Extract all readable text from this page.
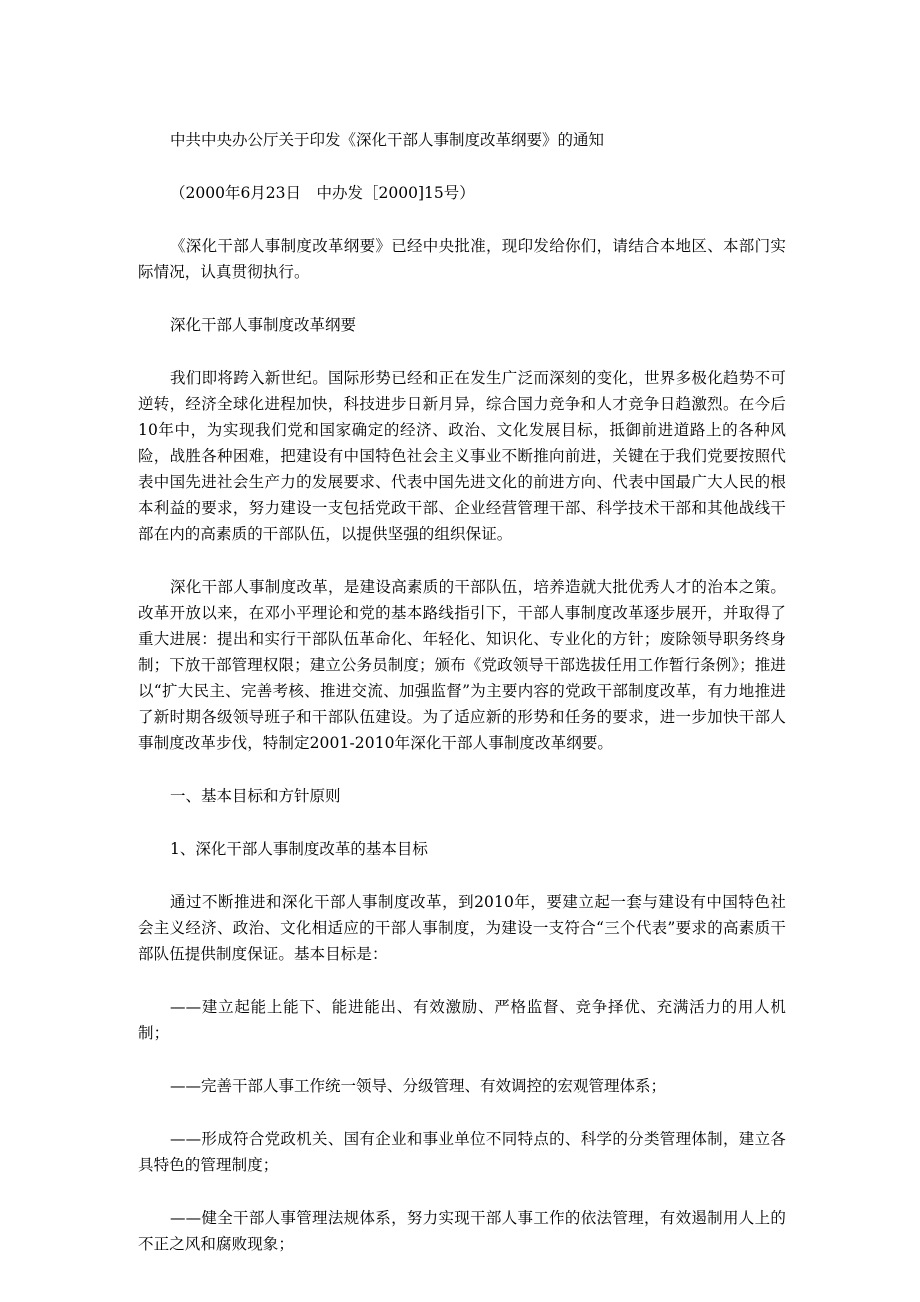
中共中央办公厅关于印发《深化干部人事制度改革纲要》的通知

（2000年6月23日　中办发［2000]15号）

《深化干部人事制度改革纲要》已经中央批准，现印发给你们，请结合本地区、本部门实际情况，认真贯彻执行。

深化干部人事制度改革纲要

我们即将跨入新世纪。国际形势已经和正在发生广泛而深刻的变化，世界多极化趋势不可逆转，经济全球化进程加快，科技进步日新月异，综合国力竞争和人才竞争日趋激烈。在今后10年中，为实现我们党和国家确定的经济、政治、文化发展目标，抵御前进道路上的各种风险，战胜各种困难，把建设有中国特色社会主义事业不断推向前进，关键在于我们党要按照代表中国先进社会生产力的发展要求、代表中国先进文化的前进方向、代表中国最广大人民的根本利益的要求，努力建设一支包括党政干部、企业经营管理干部、科学技术干部和其他战线干部在内的高素质的干部队伍，以提供坚强的组织保证。

深化干部人事制度改革，是建设高素质的干部队伍，培养造就大批优秀人才的治本之策。改革开放以来，在邓小平理论和党的基本路线指引下，干部人事制度改革逐步展开，并取得了重大进展：提出和实行干部队伍革命化、年轻化、知识化、专业化的方针；废除领导职务终身制；下放干部管理权限；建立公务员制度；颁布《党政领导干部选拔任用工作暂行条例》；推进以“扩大民主、完善考核、推进交流、加强监督”为主要内容的党政干部制度改革，有力地推进了新时期各级领导班子和干部队伍建设。为了适应新的形势和任务的要求，进一步加快干部人事制度改革步伐，特制定2001-2010年深化干部人事制度改革纲要。

一、基本目标和方针原则

1、深化干部人事制度改革的基本目标

通过不断推进和深化干部人事制度改革，到2010年，要建立起一套与建设有中国特色社会主义经济、政治、文化相适应的干部人事制度，为建设一支符合“三个代表”要求的高素质干部队伍提供制度保证。基本目标是：

——建立起能上能下、能进能出、有效激励、严格监督、竞争择优、充满活力的用人机制；

——完善干部人事工作统一领导、分级管理、有效调控的宏观管理体系；

——形成符合党政机关、国有企业和事业单位不同特点的、科学的分类管理体制，建立各具特色的管理制度；

——健全干部人事管理法规体系，努力实现干部人事工作的依法管理，有效遏制用人上的不正之风和腐败现象；
